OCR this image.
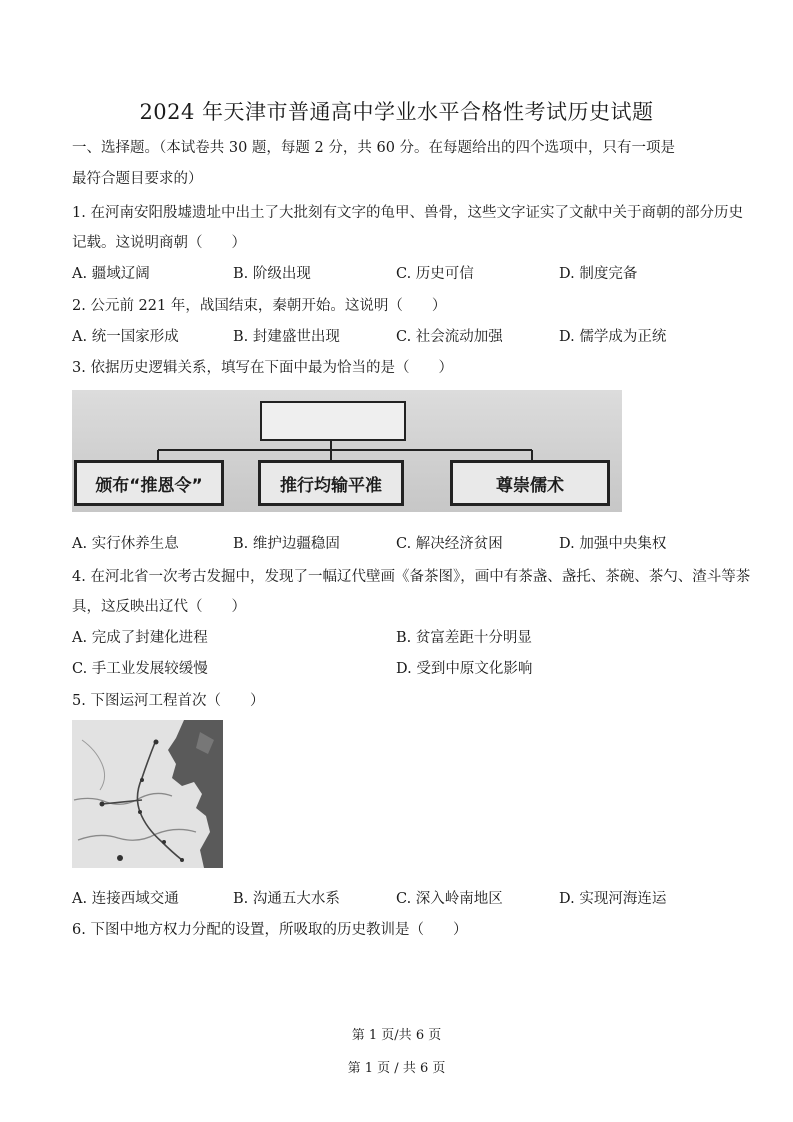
2024 年天津市普通高中学业水平合格性考试历史试题
一、选择题。（本试卷共 30 题，每题 2 分，共 60 分。在每题给出的四个选项中，只有一项是
最符合题目要求的）
1. 在河南安阳殷墟遗址中出土了大批刻有文字的龟甲、兽骨，这些文字证实了文献中关于商朝的部分历史
记载。这说明商朝（　　）
A. 疆域辽阔	B. 阶级出现	C. 历史可信	D. 制度完备
2. 公元前 221 年，战国结束，秦朝开始。这说明（　　）
A. 统一国家形成	B. 封建盛世出现	C. 社会流动加强	D. 儒学成为正统
3. 依据历史逻辑关系，填写在下面中最为恰当的是（　　）
颁布“推恩令”	推行均输平准	尊崇儒术
A. 实行休养生息	B. 维护边疆稳固	C. 解决经济贫困	D. 加强中央集权
4. 在河北省一次考古发掘中，发现了一幅辽代壁画《备茶图》，画中有茶盏、盏托、茶碗、茶勺、渣斗等茶
具，这反映出辽代（　　）
A. 完成了封建化进程	B. 贫富差距十分明显
C. 手工业发展较缓慢	D. 受到中原文化影响
5. 下图运河工程首次（　　）
A. 连接西域交通	B. 沟通五大水系	C. 深入岭南地区	D. 实现河海连运
6. 下图中地方权力分配的设置，所吸取的历史教训是（　　）
第 1 页/共 6 页
第 1 页 / 共 6 页
